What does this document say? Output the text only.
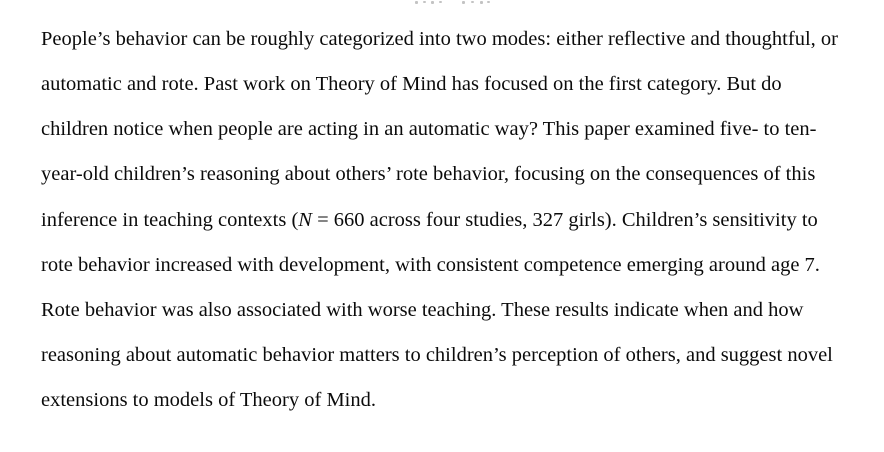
People’s behavior can be roughly categorized into two modes: either reflective and thoughtful, or
automatic and rote. Past work on Theory of Mind has focused on the first category. But do
children notice when people are acting in an automatic way? This paper examined five- to ten-
year-old children’s reasoning about others’ rote behavior, focusing on the consequences of this
inference in teaching contexts (N = 660 across four studies, 327 girls). Children’s sensitivity to
rote behavior increased with development, with consistent competence emerging around age 7.
Rote behavior was also associated with worse teaching. These results indicate when and how
reasoning about automatic behavior matters to children’s perception of others, and suggest novel
extensions to models of Theory of Mind.
